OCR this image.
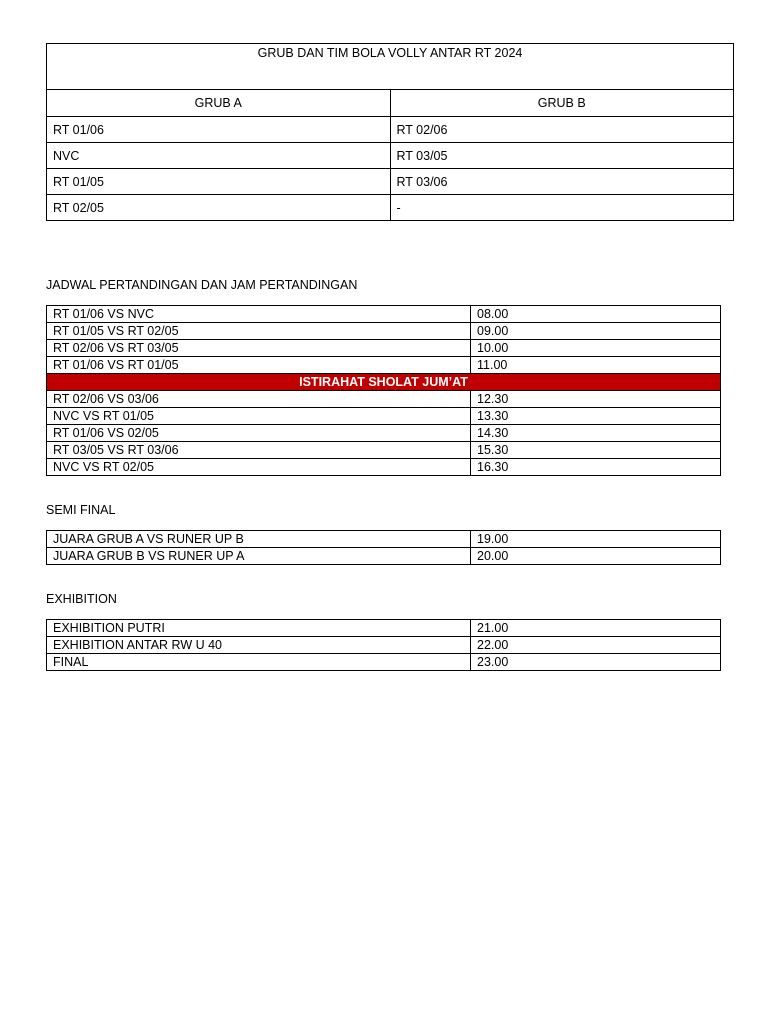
GRUB DAN TIM BOLA VOLLY ANTAR RT 2024	
GRUB A	GRUB B
RT 01/06	RT 02/06
NVC	RT 03/05
RT 01/05	RT 03/06
RT 02/05	-
JADWAL PERTANDINGAN DAN JAM PERTANDINGAN
RT 01/06 VS NVC	08.00
RT 01/05 VS RT 02/05	09.00
RT 02/06 VS RT 03/05	10.00
RT 01/06 VS RT 01/05	11.00
ISTIRAHAT SHOLAT JUM’AT	
RT 02/06 VS 03/06	12.30
NVC VS RT 01/05	13.30
RT 01/06 VS 02/05	14.30
RT 03/05 VS RT 03/06	15.30
NVC VS RT 02/05	16.30
SEMI FINAL
JUARA GRUB A VS RUNER UP B	19.00
JUARA GRUB B VS RUNER UP A	20.00
EXHIBITION
EXHIBITION PUTRI	21.00
EXHIBITION ANTAR RW U 40	22.00
FINAL	23.00
